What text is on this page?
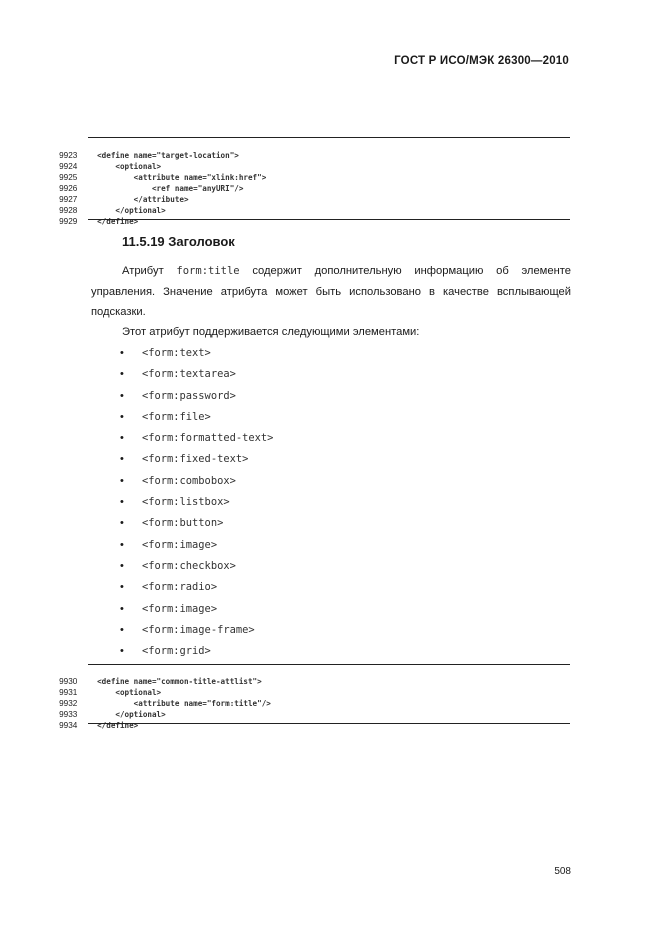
ГОСТ Р ИСО/МЭК 26300—2010

9923	<define name="target-location">

9924	<optional>

9925	<attribute name="xlink:href">

9926	<ref name="anyURI"/>

9927	</attribute>

9928	</optional>

9929	</define>

11.5.19 Заголовок
Атрибут form:title содержит дополнительную информацию об элементе управления. Значение атрибута может быть использовано в качестве всплывающей подсказки.
Этот атрибут поддерживается следующими элементами:
• <form:text>
• <form:textarea>
• <form:password>
• <form:file>
• <form:formatted-text>
• <form:fixed-text>
• <form:combobox>
• <form:listbox>
• <form:button>
• <form:image>
• <form:checkbox>
• <form:radio>
• <form:image>
• <form:image-frame>
• <form:grid>

9930	<define name="common-title-attlist">

9931	<optional>

9932	<attribute name="form:title"/>

9933	</optional>

9934	</define>

508
